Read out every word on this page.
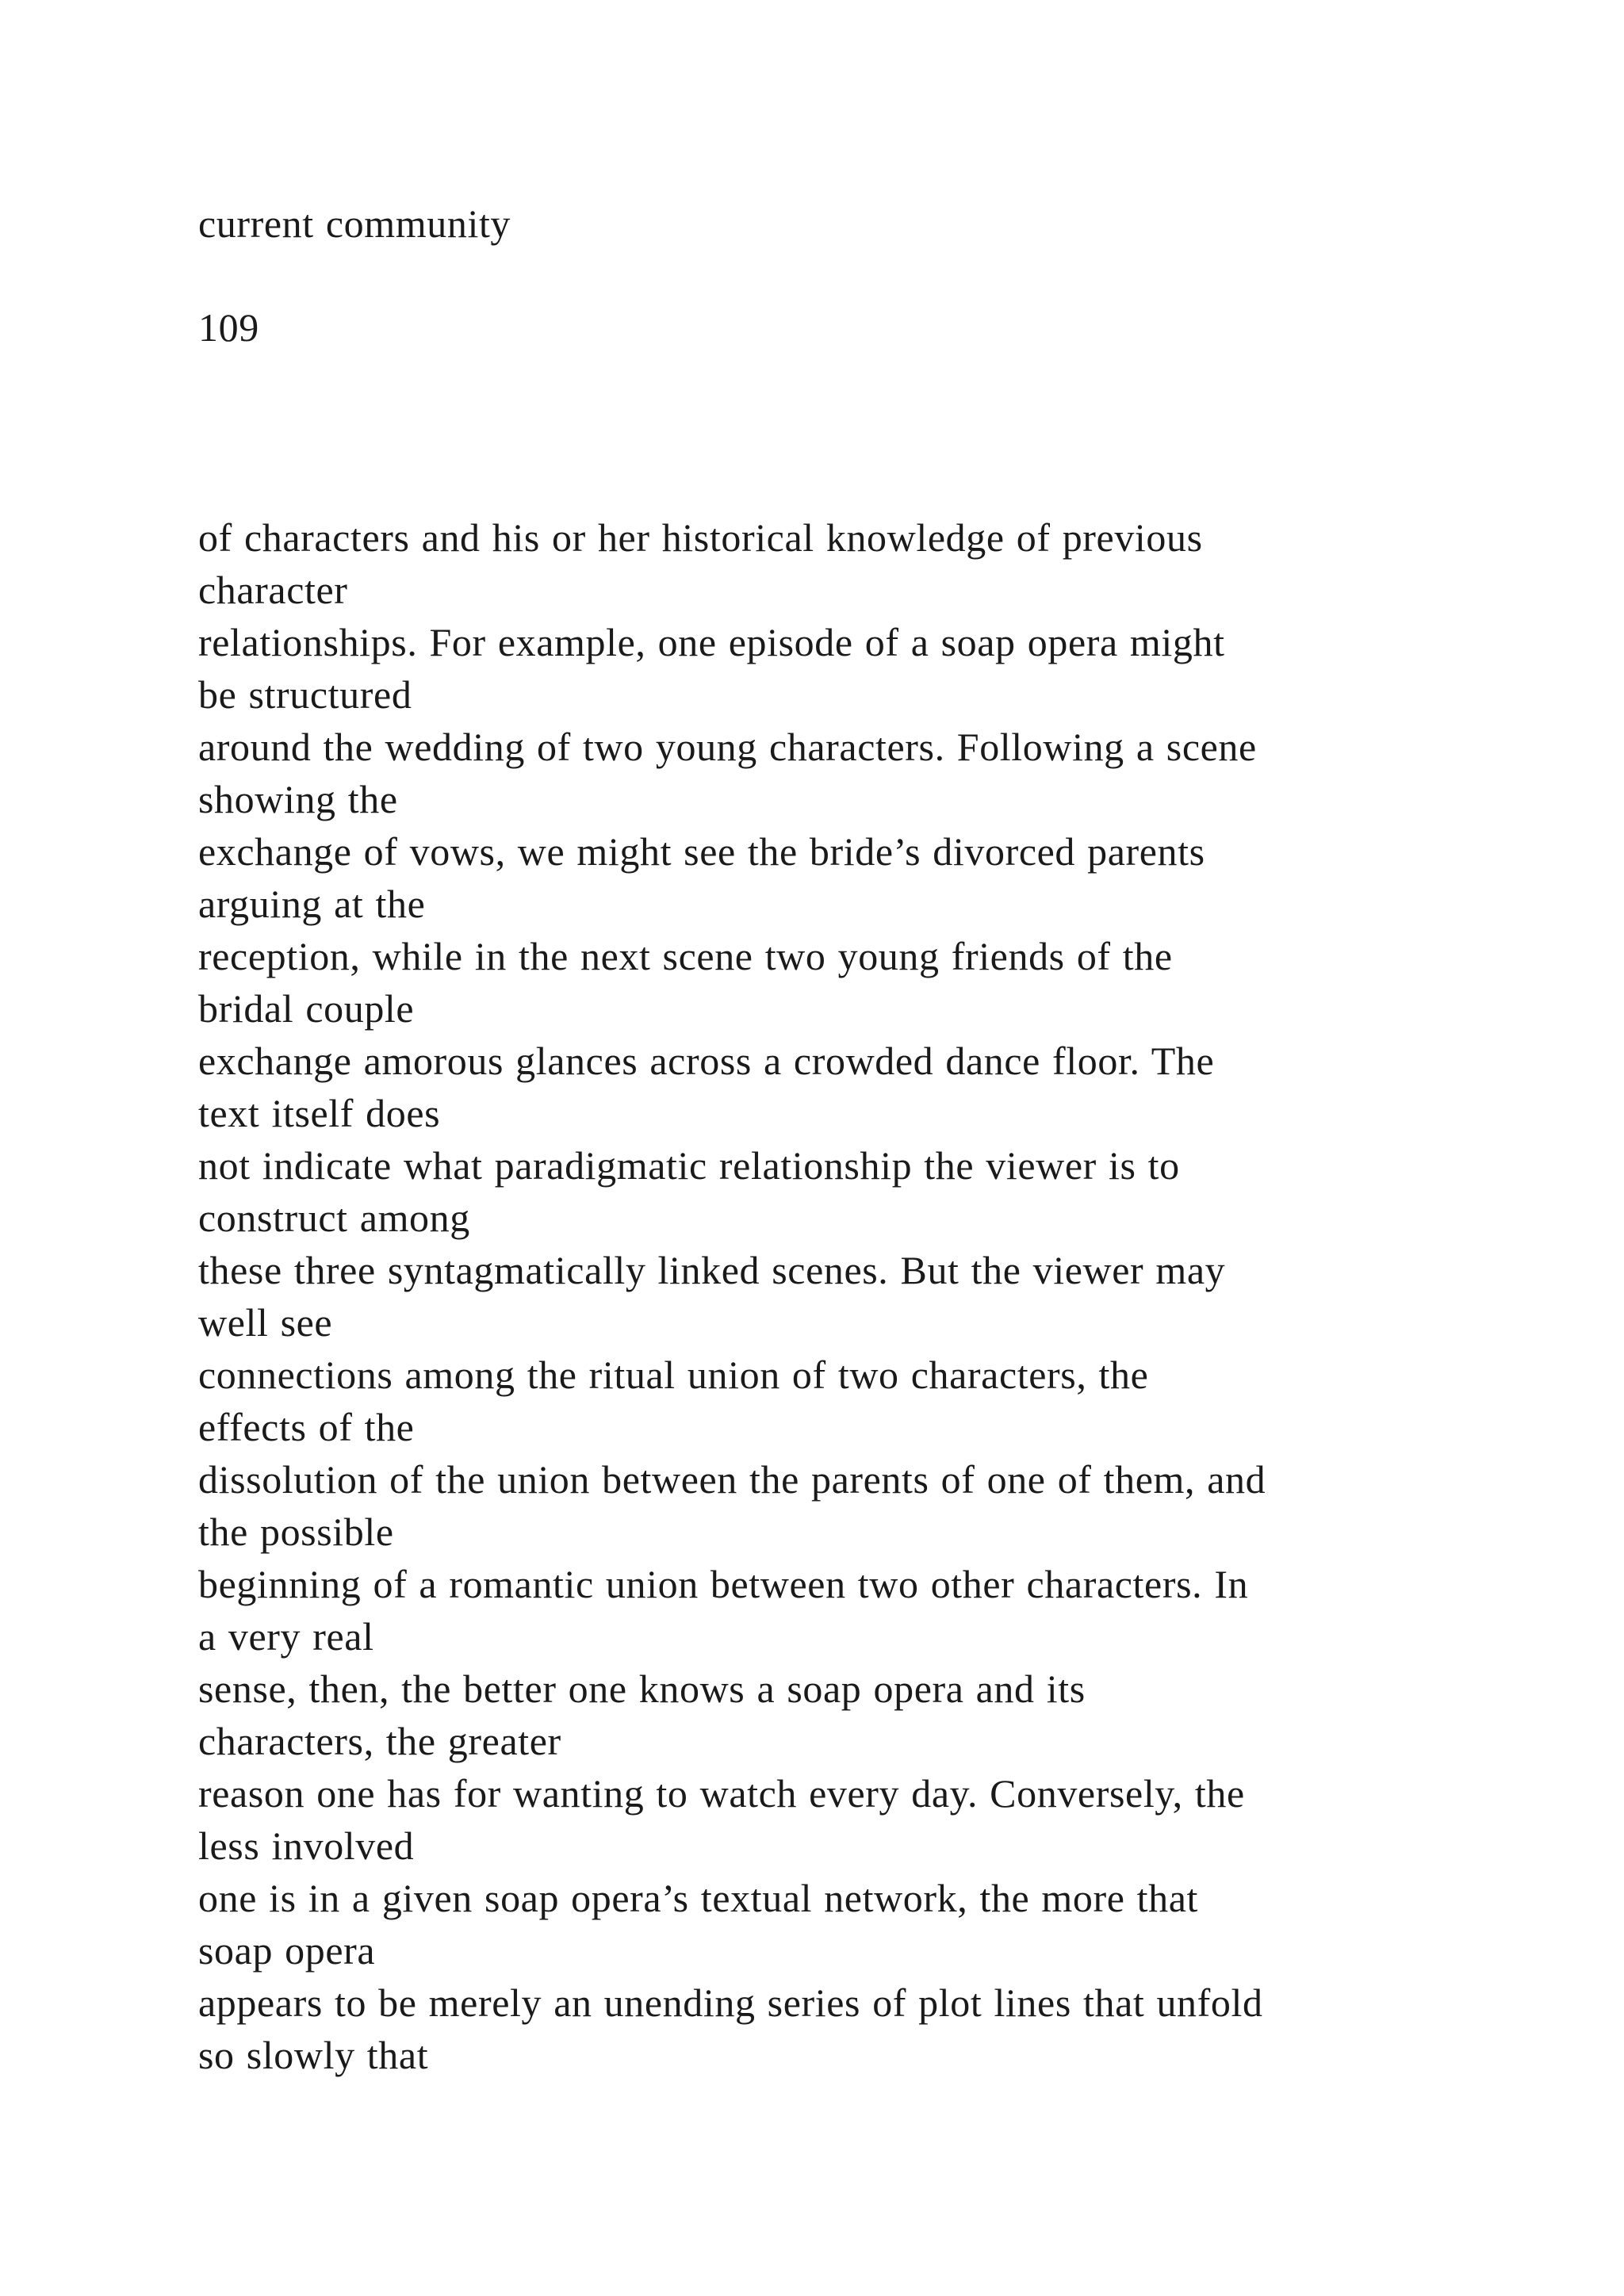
current community
109
of characters and his or her historical knowledge of previous
character
relationships. For example, one episode of a soap opera might
be structured
around the wedding of two young characters. Following a scene
showing the
exchange of vows, we might see the bride’s divorced parents
arguing at the
reception, while in the next scene two young friends of the
bridal couple
exchange amorous glances across a crowded dance floor. The
text itself does
not indicate what paradigmatic relationship the viewer is to
construct among
these three syntagmatically linked scenes. But the viewer may
well see
connections among the ritual union of two characters, the
effects of the
dissolution of the union between the parents of one of them, and
the possible
beginning of a romantic union between two other characters. In
a very real
sense, then, the better one knows a soap opera and its
characters, the greater
reason one has for wanting to watch every day. Conversely, the
less involved
one is in a given soap opera’s textual network, the more that
soap opera
appears to be merely an unending series of plot lines that unfold
so slowly that
